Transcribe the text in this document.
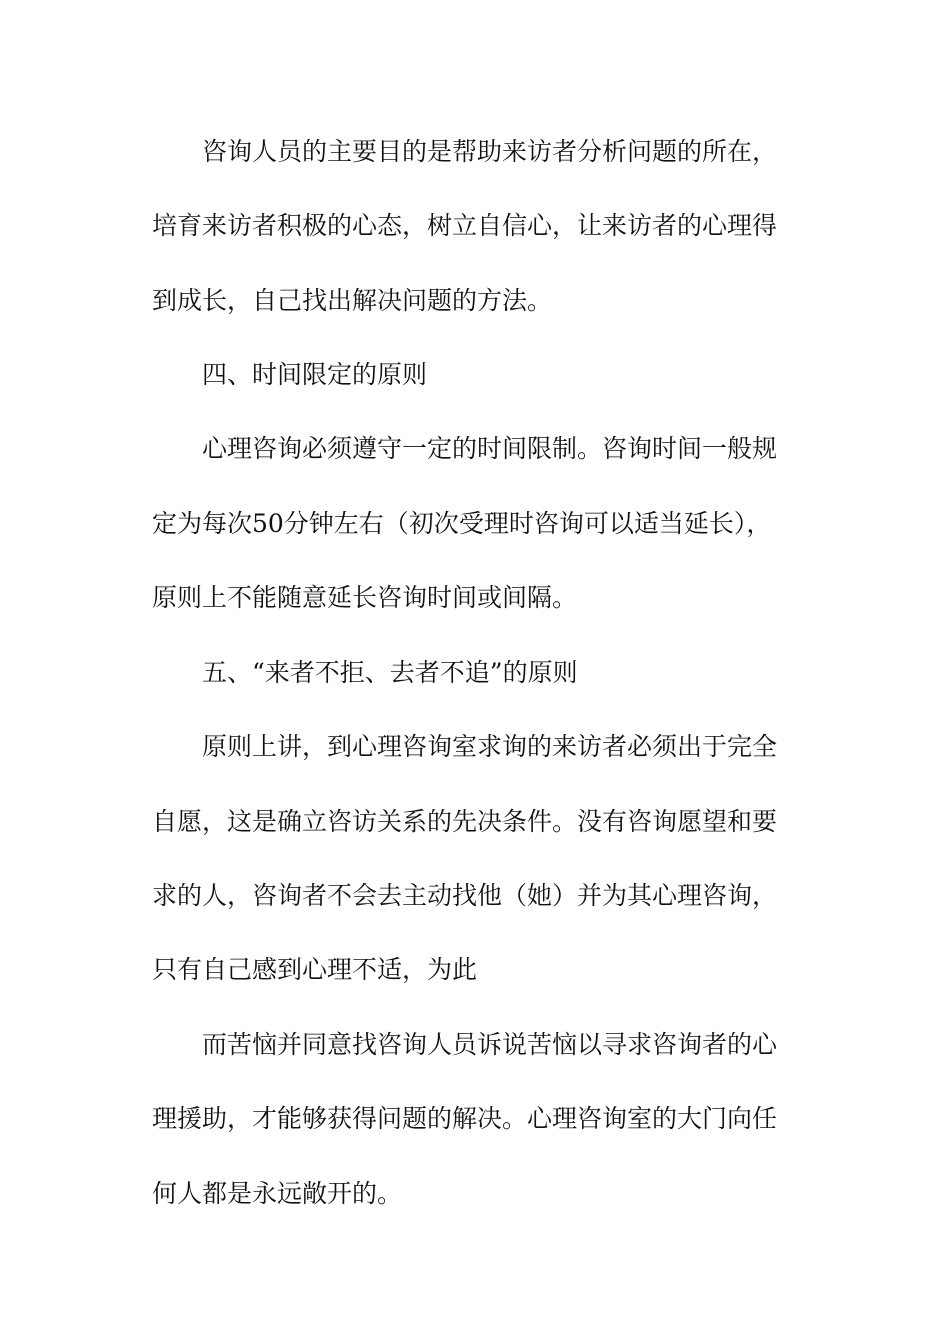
咨询人员的主要目的是帮助来访者分析问题的所在，
培育来访者积极的心态，树立自信心，让来访者的心理得
到成长，自己找出解决问题的方法。
四、时间限定的原则
心理咨询必须遵守一定的时间限制。咨询时间一般规
定为每次50分钟左右（初次受理时咨询可以适当延长），
原则上不能随意延长咨询时间或间隔。
五、“来者不拒、去者不追”的原则
原则上讲，到心理咨询室求询的来访者必须出于完全
自愿，这是确立咨访关系的先决条件。没有咨询愿望和要
求的人，咨询者不会去主动找他（她）并为其心理咨询，
只有自己感到心理不适，为此
而苦恼并同意找咨询人员诉说苦恼以寻求咨询者的心
理援助，才能够获得问题的解决。心理咨询室的大门向任
何人都是永远敞开的。
